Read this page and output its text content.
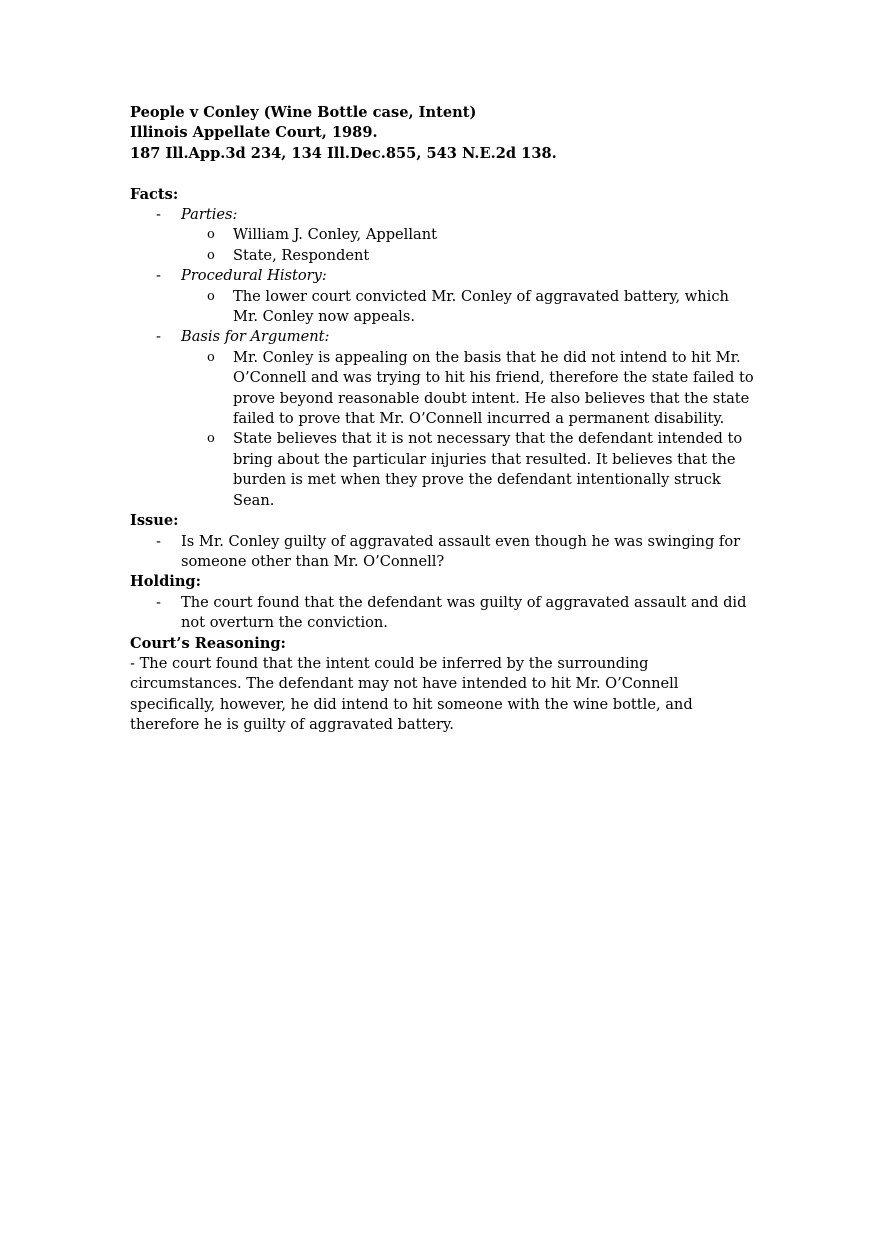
People v Conley (Wine Bottle case, Intent)
Illinois Appellate Court, 1989.
187 Ill.App.3d 234, 134 Ill.Dec.855, 543 N.E.2d 138.
Facts:
- Parties:
o William J. Conley, Appellant
o State, Respondent
- Procedural History:
o The lower court convicted Mr. Conley of aggravated battery, which
Mr. Conley now appeals.
- Basis for Argument:
o Mr. Conley is appealing on the basis that he did not intend to hit Mr.
O’Connell and was trying to hit his friend, therefore the state failed to
prove beyond reasonable doubt intent. He also believes that the state
failed to prove that Mr. O’Connell incurred a permanent disability.
o State believes that it is not necessary that the defendant intended to
bring about the particular injuries that resulted. It believes that the
burden is met when they prove the defendant intentionally struck
Sean.
Issue:
- Is Mr. Conley guilty of aggravated assault even though he was swinging for
someone other than Mr. O’Connell?
Holding:
- The court found that the defendant was guilty of aggravated assault and did
not overturn the conviction.
Court’s Reasoning:
- The court found that the intent could be inferred by the surrounding
circumstances. The defendant may not have intended to hit Mr. O’Connell
specifically, however, he did intend to hit someone with the wine bottle, and
therefore he is guilty of aggravated battery.
